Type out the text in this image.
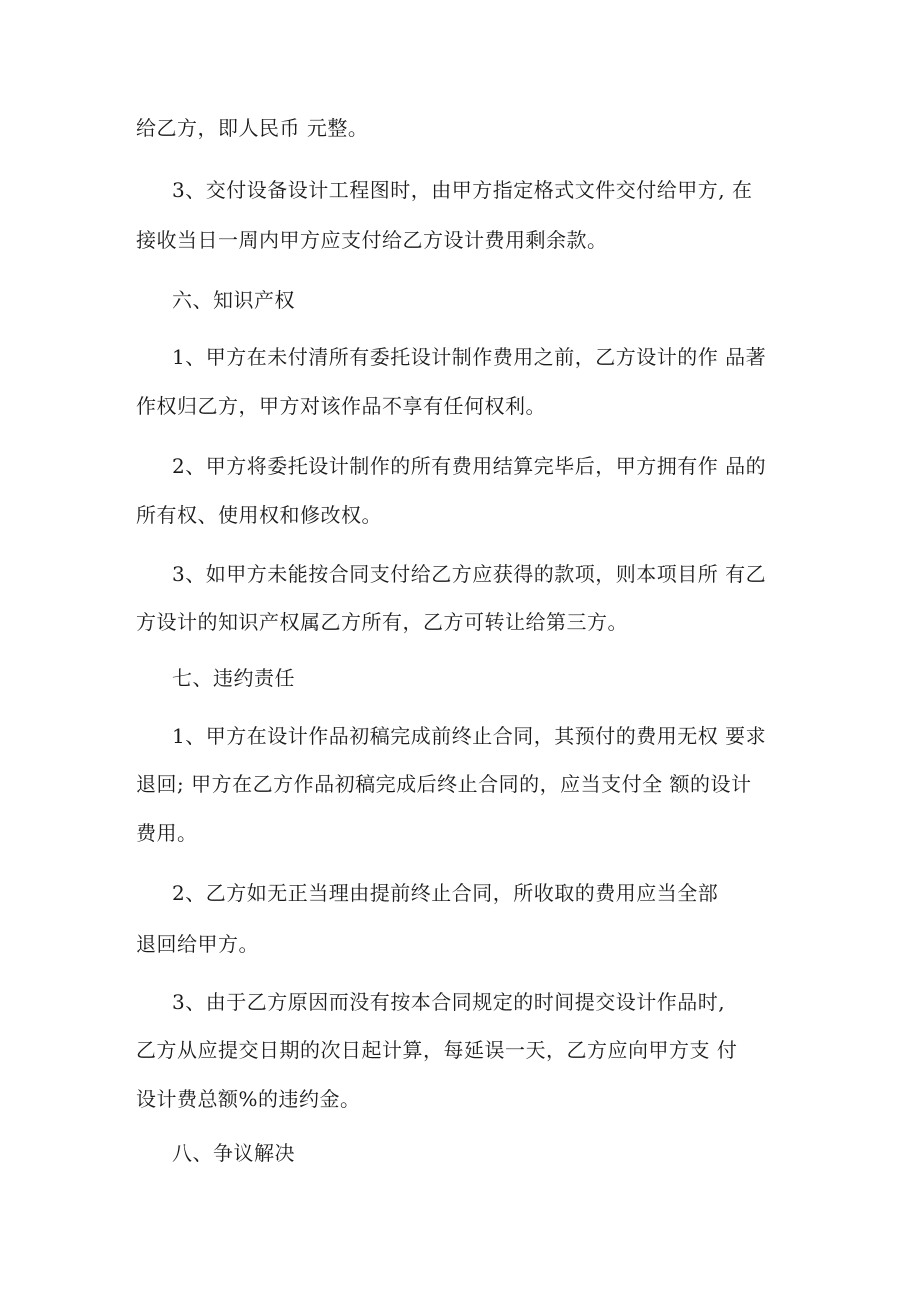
给乙方，即人民币 元整。
3、交付设备设计工程图时，由甲方指定格式文件交付给甲方, 在
接收当日一周内甲方应支付给乙方设计费用剩余款。
六、知识产权
1、甲方在未付清所有委托设计制作费用之前，乙方设计的作 品著
作权归乙方，甲方对该作品不享有任何权利。
2、甲方将委托设计制作的所有费用结算完毕后，甲方拥有作 品的
所有权、使用权和修改权。
3、如甲方未能按合同支付给乙方应获得的款项，则本项目所 有乙
方设计的知识产权属乙方所有，乙方可转让给第三方。
七、违约责任
1、甲方在设计作品初稿完成前终止合同，其预付的费用无权 要求
退回; 甲方在乙方作品初稿完成后终止合同的，应当支付全 额的设计
费用。
2、乙方如无正当理由提前终止合同，所收取的费用应当全部
退回给甲方。
3、由于乙方原因而没有按本合同规定的时间提交设计作品时,
乙方从应提交日期的次日起计算，每延误一天，乙方应向甲方支 付
设计费总额%的违约金。
八、争议解决
